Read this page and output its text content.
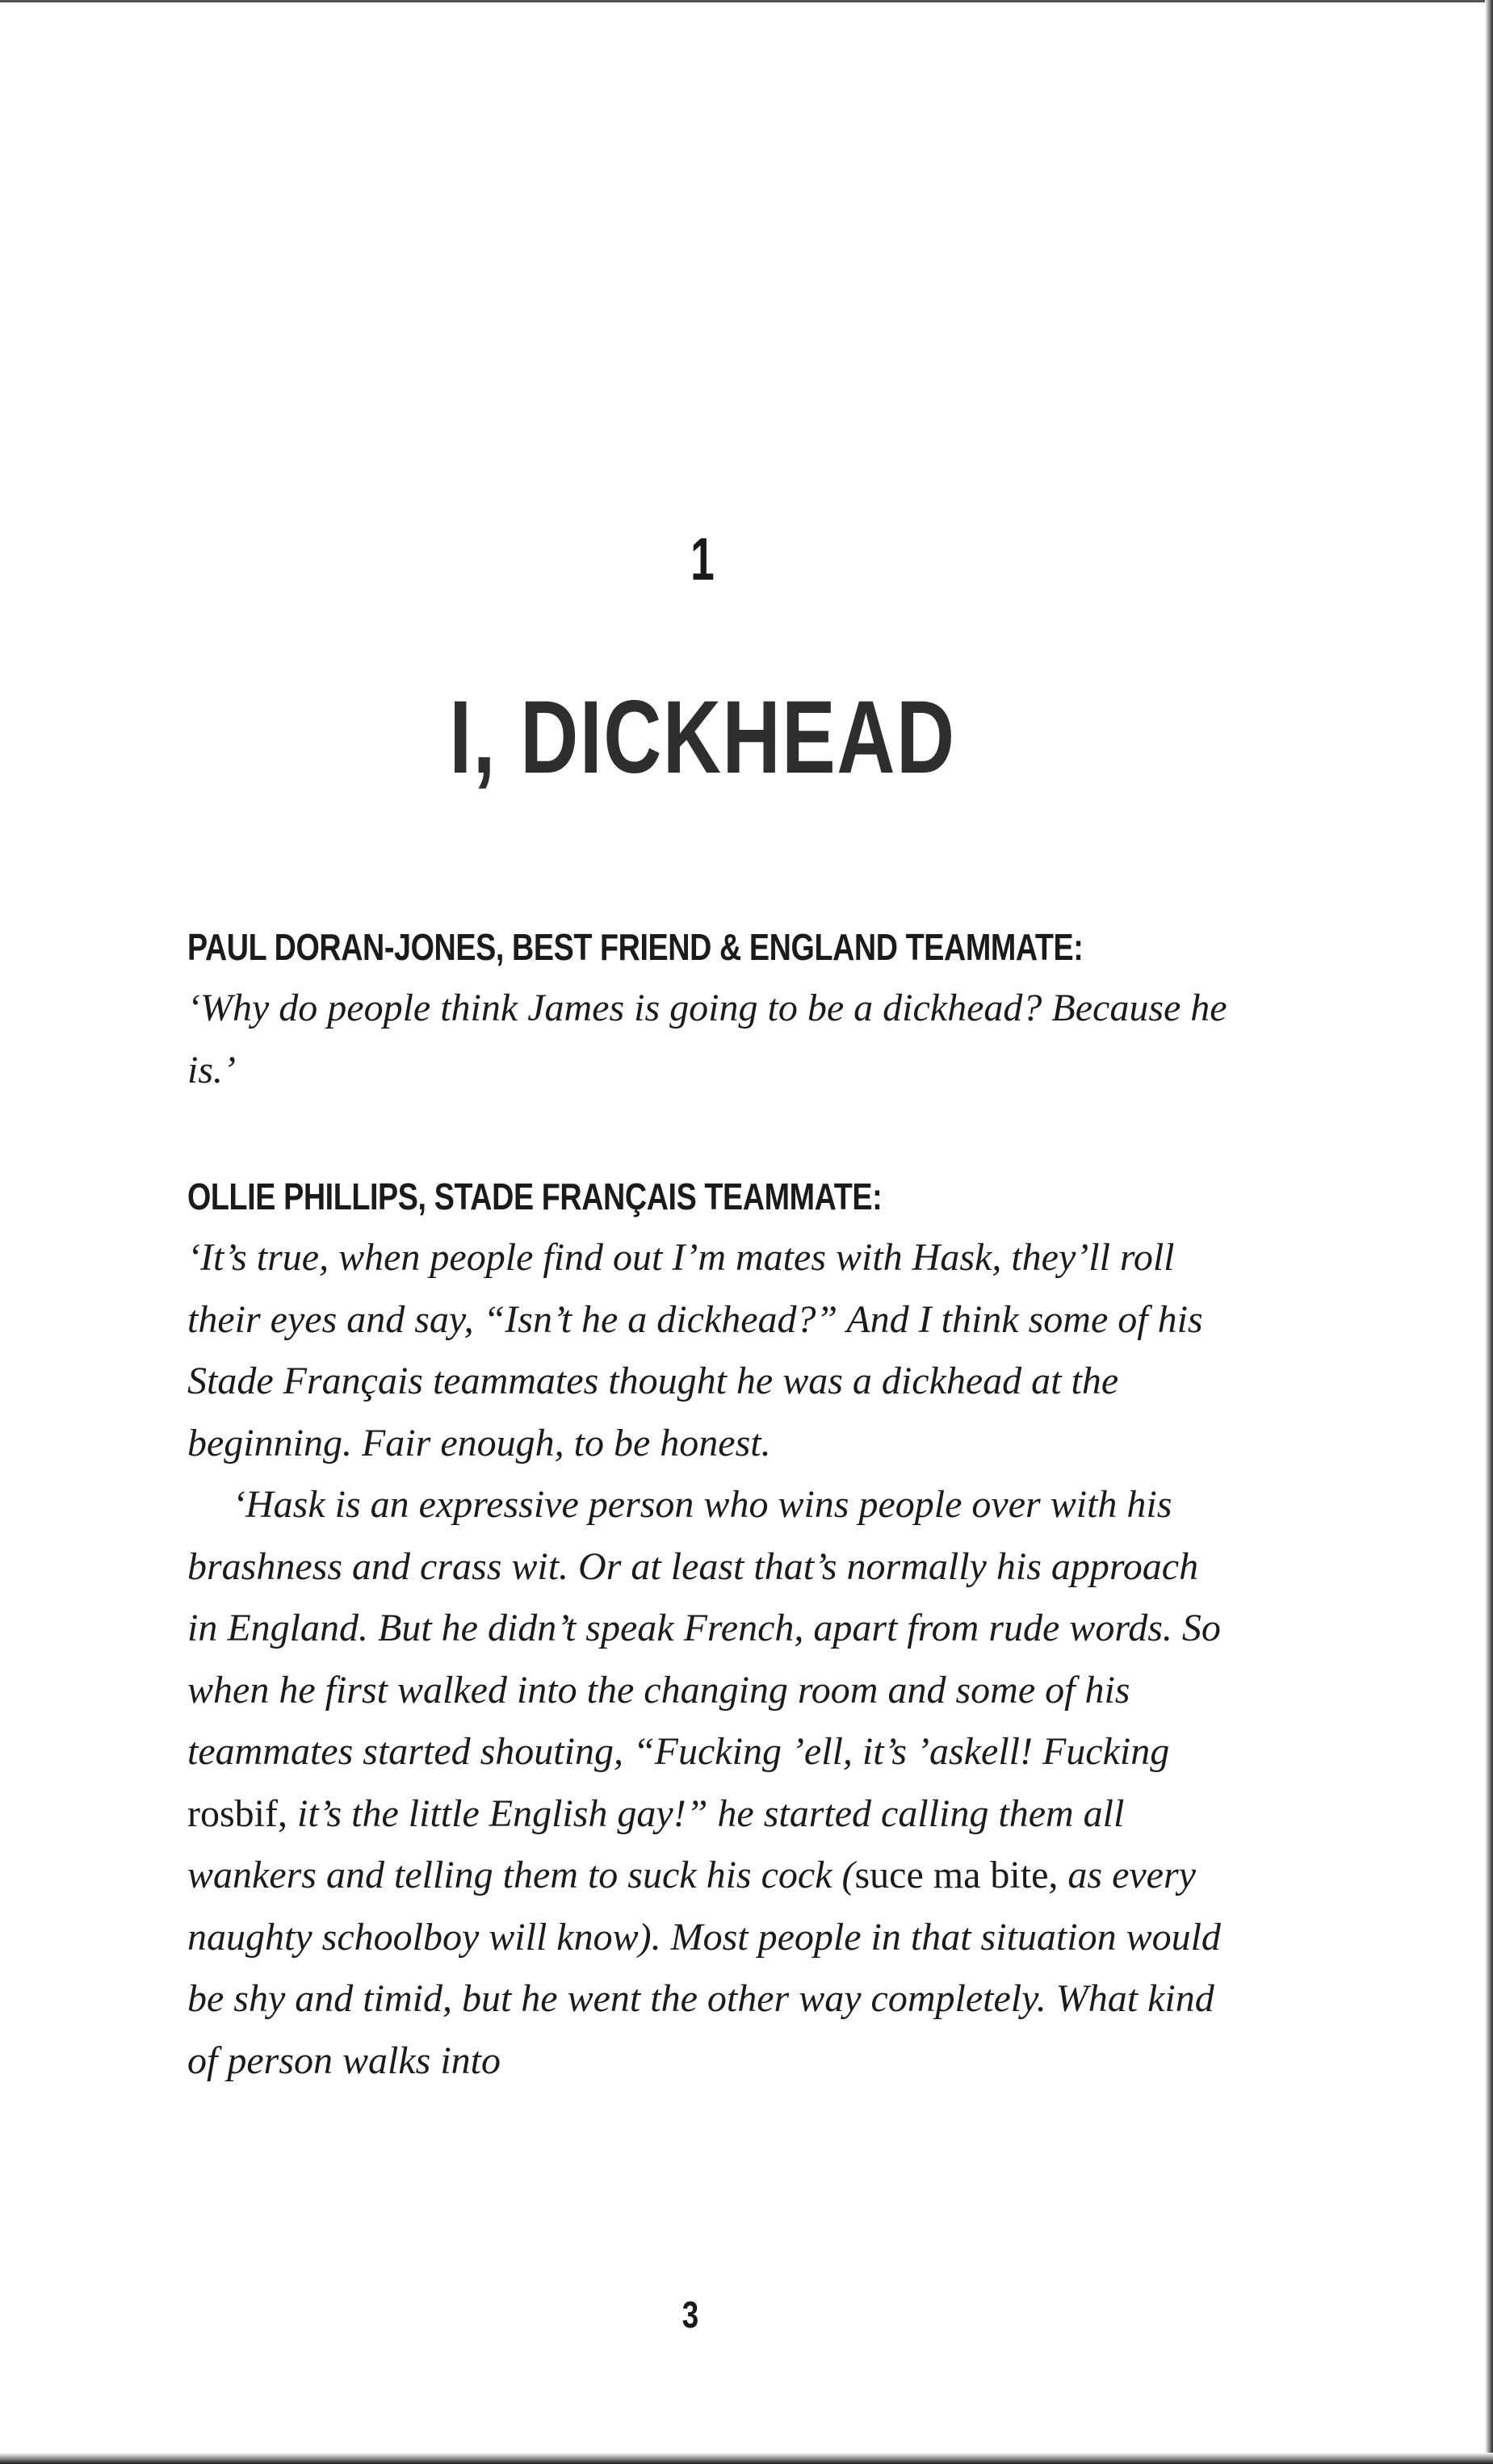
1
I, DICKHEAD

PAUL DORAN-JONES, BEST FRIEND & ENGLAND TEAMMATE:

‘Why do people think James is going to be a dickhead? Because he is.’

OLLIE PHILLIPS, STADE FRANÇAIS TEAMMATE:

‘It’s true, when people find out I’m mates with Hask, they’ll roll their eyes and say, “Isn’t he a dickhead?” And I think some of his Stade Français teammates thought he was a dickhead at the beginning. Fair enough, to be honest.

‘Hask is an expressive person who wins people over with his brashness and crass wit. Or at least that’s normally his approach in England. But he didn’t speak French, apart from rude words. So when he first walked into the changing room and some of his teammates started shouting, “Fucking ’ell, it’s ’askell! Fucking rosbif, it’s the little English gay!” he started calling them all wankers and telling them to suck his cock (suce ma bite, as every naughty schoolboy will know). Most people in that situation would be shy and timid, but he went the other way completely. What kind of person walks into

3
